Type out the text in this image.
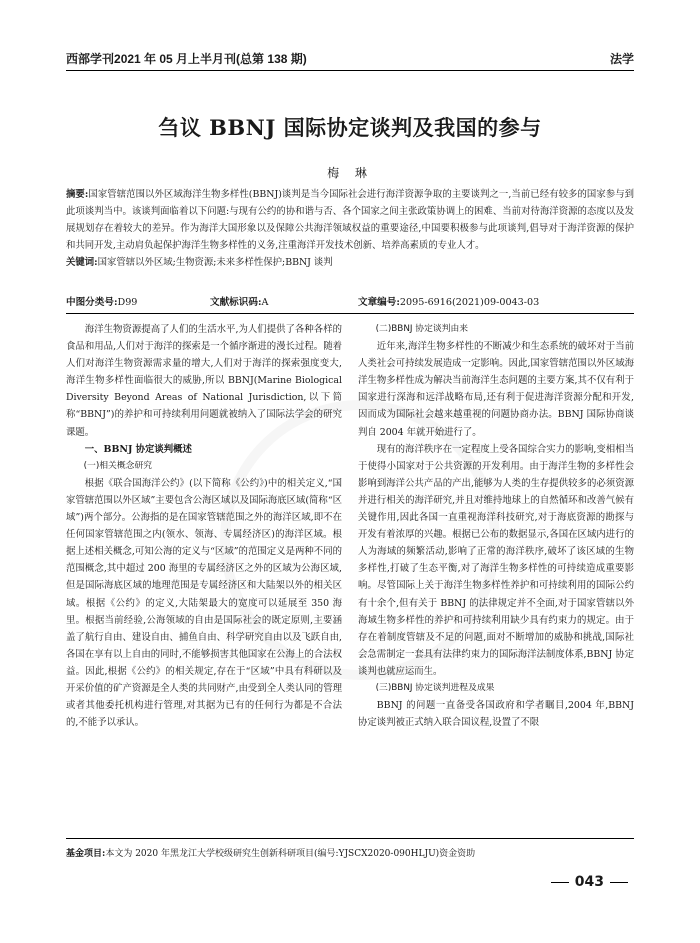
西部学刊2021 年 05 月上半月刊(总第 138 期)	法学
刍议 BBNJ 国际协定谈判及我国的参与
梅 琳
摘要:国家管辖范围以外区域海洋生物多样性(BBNJ)谈判是当今国际社会进行海洋资源争取的主要谈判之一,当前已经有较多的国家参与到此项谈判当中。该谈判面临着以下问题:与现有公约的协和谐与否、各个国家之间主张政策协调上的困难、当前对待海洋资源的态度以及发展规划存在着较大的差异。作为海洋大国形象以及保障公共海洋领域权益的重要途径,中国要积极参与此项谈判,倡导对于海洋资源的保护和共同开发,主动肩负起保护海洋生物多样性的义务,注重海洋开发技术创新、培养高素质的专业人才。
关键词:国家管辖以外区域;生物资源;未来多样性保护;BBNJ 谈判
中图分类号:D99	文献标识码:A	文章编号:2095-6916(2021)09-0043-03

海洋生物资源提高了人们的生活水平,为人们提供了各种各样的食品和用品,人们对于海洋的探索是一个循序渐进的漫长过程。随着人们对海洋生物资源需求量的增大,人们对于海洋的探索强度变大,海洋生物多样性面临很大的威胁,所以 BBNJ(Marine Biological Diversity Beyond Areas of National Jurisdiction,以下简称“BBNJ”)的养护和可持续利用问题就被纳入了国际法学会的研究课题。

一、BBNJ 协定谈判概述

(一)相关概念研究

根据《联合国海洋公约》(以下简称《公约》)中的相关定义,“国家管辖范围以外区域”主要包含公海区域以及国际海底区域(简称“区域”)两个部分。公海指的是在国家管辖范围之外的海洋区域,即不在任何国家管辖范围之内(领水、领海、专属经济区)的海洋区域。根据上述相关概念,可知公海的定义与“区域”的范围定义是两种不同的范围概念,其中超过 200 海里的专属经济区之外的区域为公海区域,但是国际海底区域的地理范围是专属经济区和大陆架以外的相关区域。根据《公约》的定义,大陆架最大的宽度可以延展至 350 海里。根据当前经验,公海领域的自由是国际社会的既定原则,主要涵盖了航行自由、建设自由、捕鱼自由、科学研究自由以及飞跃自由,各国在享有以上自由的同时,不能够损害其他国家在公海上的合法权益。因此,根据《公约》的相关规定,存在于“区域”中具有科研以及开采价值的矿产资源是全人类的共同财产,由受到全人类认同的管理或者其他委托机构进行管理,对其据为已有的任何行为都是不合法的,不能予以承认。

(二)BBNJ 协定谈判由来

近年来,海洋生物多样性的不断减少和生态系统的破坏对于当前人类社会可持续发展造成一定影响。因此,国家管辖范围以外区域海洋生物多样性成为解决当前海洋生态问题的主要方案,其不仅有利于国家进行深海和远洋战略布局,还有利于促进海洋资源分配和开发,因而成为国际社会越来越重视的问题协商办法。BBNJ 国际协商谈判自 2004 年就开始进行了。

现有的海洋秩序在一定程度上受各国综合实力的影响,变相相当于使得小国家对于公共资源的开发利用。由于海洋生物的多样性会影响到海洋公共产品的产出,能够为人类的生存提供较多的必须资源并进行相关的海洋研究,并且对维持地球上的自然循环和改善气候有关键作用,因此各国一直重视海洋科技研究,对于海底资源的勘探与开发有着浓厚的兴趣。根据已公布的数据显示,各国在区域内进行的人为海域的频繁活动,影响了正常的海洋秩序,破坏了该区域的生物多样性,打破了生态平衡,对了海洋生物多样性的可持续造成重要影响。尽管国际上关于海洋生物多样性养护和可持续利用的国际公约有十余个,但有关于 BBNJ 的法律规定并不全面,对于国家管辖以外海域生物多样性的养护和可持续利用缺少具有约束力的规定。由于存在着制度管辖及不足的问题,面对不断增加的威胁和挑战,国际社会急需制定一套具有法律约束力的国际海洋法制度体系,BBNJ 协定谈判也就应运而生。

(三)BBNJ 协定谈判进程及成果

BBNJ 的问题一直备受各国政府和学者瞩目,2004 年,BBNJ 协定谈判被正式纳入联合国议程,设置了不限

基金项目:本文为 2020 年黑龙江大学校级研究生创新科研项目(编号:YJSCX2020-090HLJU)资金资助
043
